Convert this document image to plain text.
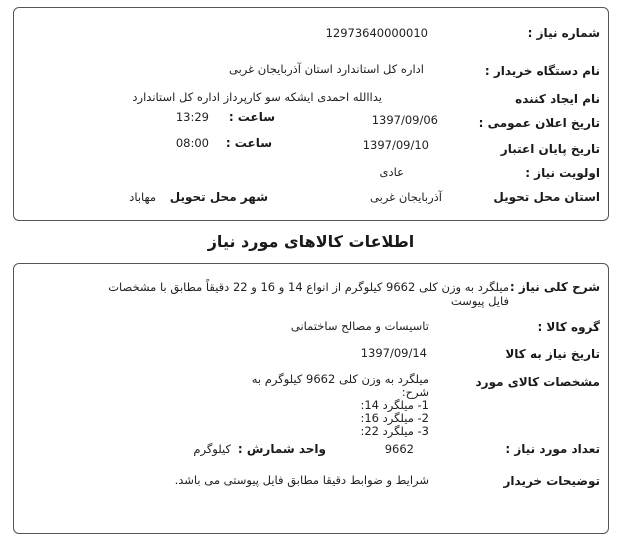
شماره نیاز :
12973640000010
نام دستگاه خریدار :
اداره کل استاندارد استان آذربایجان غربی
نام ایجاد کننده
یداالله احمدی ایشکه سو کارپرداز اداره کل استاندارد
تاریخ اعلان عمومی :
1397/09/06
ساعت :
13:29
تاریخ پایان اعتبار
1397/09/10
ساعت :
08:00
اولویت نیاز :
عادی
استان محل تحویل
آذربایجان غربی
شهر محل تحویل
مهاباد
اطلاعات کالاهای مورد نیاز
شرح کلی نیاز :
میلگرد به وزن کلی 9662 کیلوگرم از انواع 14 و 16 و 22 دقیقاً مطابق با مشخصات
فایل پیوست
گروه کالا :
تاسیسات و مصالح ساختمانی
تاریخ نیاز به کالا
1397/09/14
مشخصات کالای مورد
میلگرد به وزن کلی 9662 کیلوگرم به شرح:
1- میلگرد 14:
2- میلگرد 16:
3- میلگرد 22:
تعداد مورد نیاز :
9662
واحد شمارش :
کیلوگرم
توضیحات خریدار
شرایط و ضوابط دقیقا مطابق فایل پیوستی می باشد.
